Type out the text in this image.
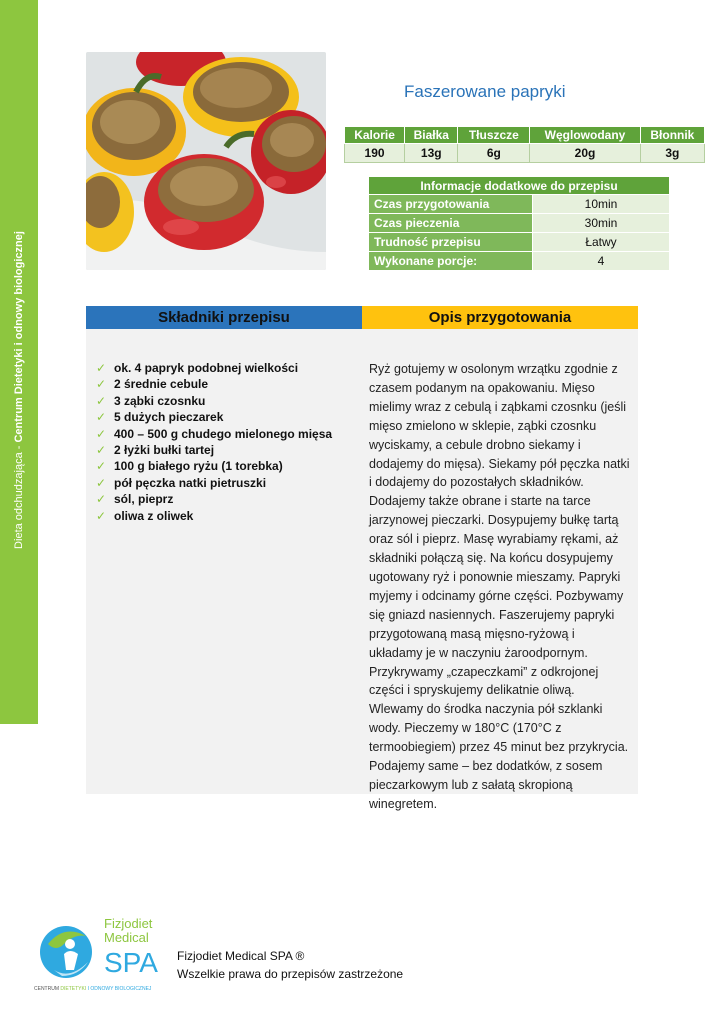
Dieta odchudzająca - Centrum Dietetyki i odnowy biologicznej
Faszerowane papryki
Kalorie	Białka	Tłuszcze	Węglowodany	Błonnik
190	13g	6g	20g	3g
Informacje dodatkowe do przepisu	
Czas przygotowania	10min
Czas pieczenia	30min
Trudność przepisu	Łatwy
Wykonane porcje:	4
Składniki przepisu	Opis przygotowania
✓ ok. 4 papryk podobnej wielkości
✓ 2 średnie cebule
✓ 3 ząbki czosnku
✓ 5 dużych pieczarek
✓ 400 – 500 g chudego mielonego mięsa
✓ 2 łyżki bułki tartej
✓ 100 g białego ryżu (1 torebka)
✓ pół pęczka natki pietruszki
✓ sól, pieprz
✓ oliwa z oliwek
Ryż gotujemy w osolonym wrzątku zgodnie z czasem podanym na opakowaniu. Mięso mielimy wraz z cebulą i ząbkami czosnku (jeśli mięso zmielono w sklepie, ząbki czosnku wyciskamy, a cebule drobno siekamy i dodajemy do mięsa). Siekamy pół pęczka natki i dodajemy do pozostałych składników. Dodajemy także obrane i starte na tarce jarzynowej pieczarki. Dosypujemy bułkę tartą oraz sól i pieprz. Masę wyrabiamy rękami, aż składniki połączą się. Na końcu dosypujemy ugotowany ryż i ponownie mieszamy. Papryki myjemy i odcinamy górne części. Pozbywamy się gniazd nasiennych. Faszerujemy papryki przygotowaną masą mięsno-ryżową i układamy je w naczyniu żaroodpornym. Przykrywamy „czapeczkami” z odkrojonej części i spryskujemy delikatnie oliwą. Wlewamy do środka naczynia pół szklanki wody. Pieczemy w 180°C (170°C z termoobiegiem) przez 45 minut bez przykrycia. Podajemy same – bez dodatków, z sosem pieczarkowym lub z sałatą skropioną winegretem.
Fizjodiet
Medical
SPA
CENTRUM DIETETYKI I ODNOWY BIOLOGICZNEJ
Fizjodiet Medical SPA ®
Wszelkie prawa do przepisów zastrzeżone
